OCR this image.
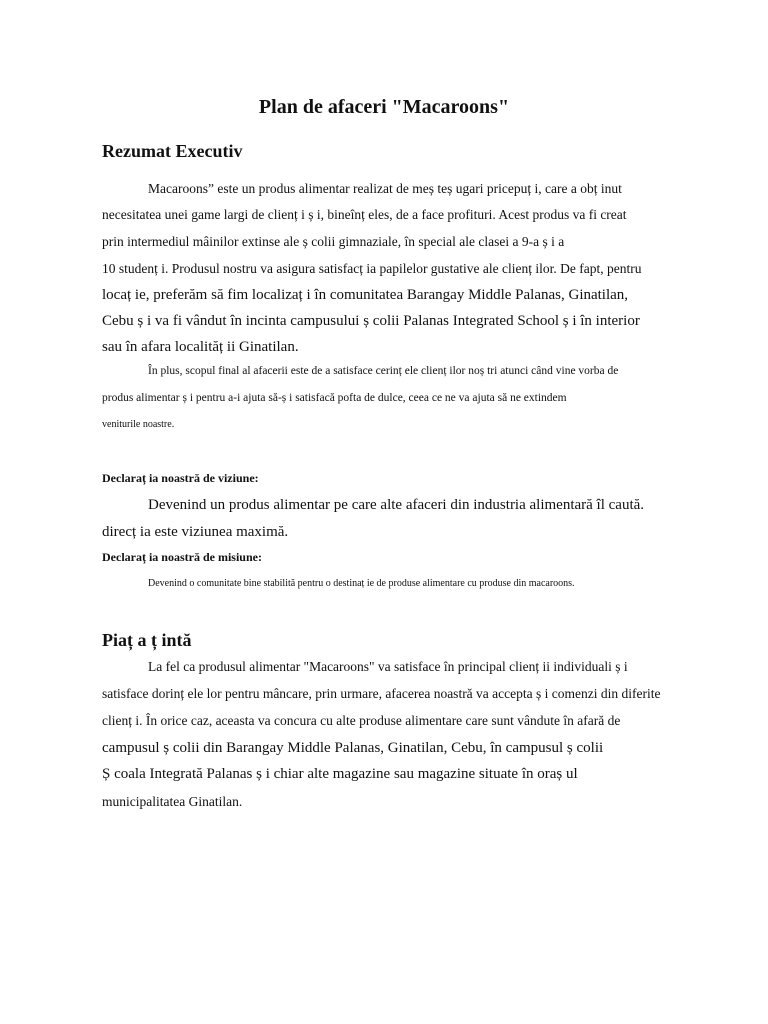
Plan de afaceri "Macaroons"
Rezumat Executiv
Macaroons” este un produs alimentar realizat de meș teș ugari pricepuț i, care a obț inut
necesitatea unei game largi de clienț i ș i, bineînț eles, de a face profituri. Acest produs va fi creat
prin intermediul mâinilor extinse ale ș colii gimnaziale, în special ale clasei a 9-a ș i a
10 studenț i. Produsul nostru va asigura satisfacț ia papilelor gustative ale clienț ilor. De fapt, pentru
locaț ie, preferăm să fim localizaț i în comunitatea Barangay Middle Palanas, Ginatilan,
Cebu ș i va fi vândut în incinta campusului ș colii Palanas Integrated School ș i în interior
sau în afara localităț ii Ginatilan.
În plus, scopul final al afacerii este de a satisface cerinț ele clienț ilor noș tri atunci când vine vorba de
produs alimentar ș i pentru a-i ajuta să-ș i satisfacă pofta de dulce, ceea ce ne va ajuta să ne extindem
veniturile noastre.
Declaraț ia noastră de viziune:
Devenind un produs alimentar pe care alte afaceri din industria alimentară îl caută.
direcț ia este viziunea maximă.
Declaraț ia noastră de misiune:
Devenind o comunitate bine stabilită pentru o destinaț ie de produse alimentare cu produse din macaroons.
Piaț a ț intă
La fel ca produsul alimentar "Macaroons" va satisface în principal clienț ii individuali ș i
satisface dorinț ele lor pentru mâncare, prin urmare, afacerea noastră va accepta ș i comenzi din diferite
clienț i. În orice caz, aceasta va concura cu alte produse alimentare care sunt vândute în afară de
campusul ș colii din Barangay Middle Palanas, Ginatilan, Cebu, în campusul ș colii
Ș coala Integrată Palanas ș i chiar alte magazine sau magazine situate în oraș ul
municipalitatea Ginatilan.
